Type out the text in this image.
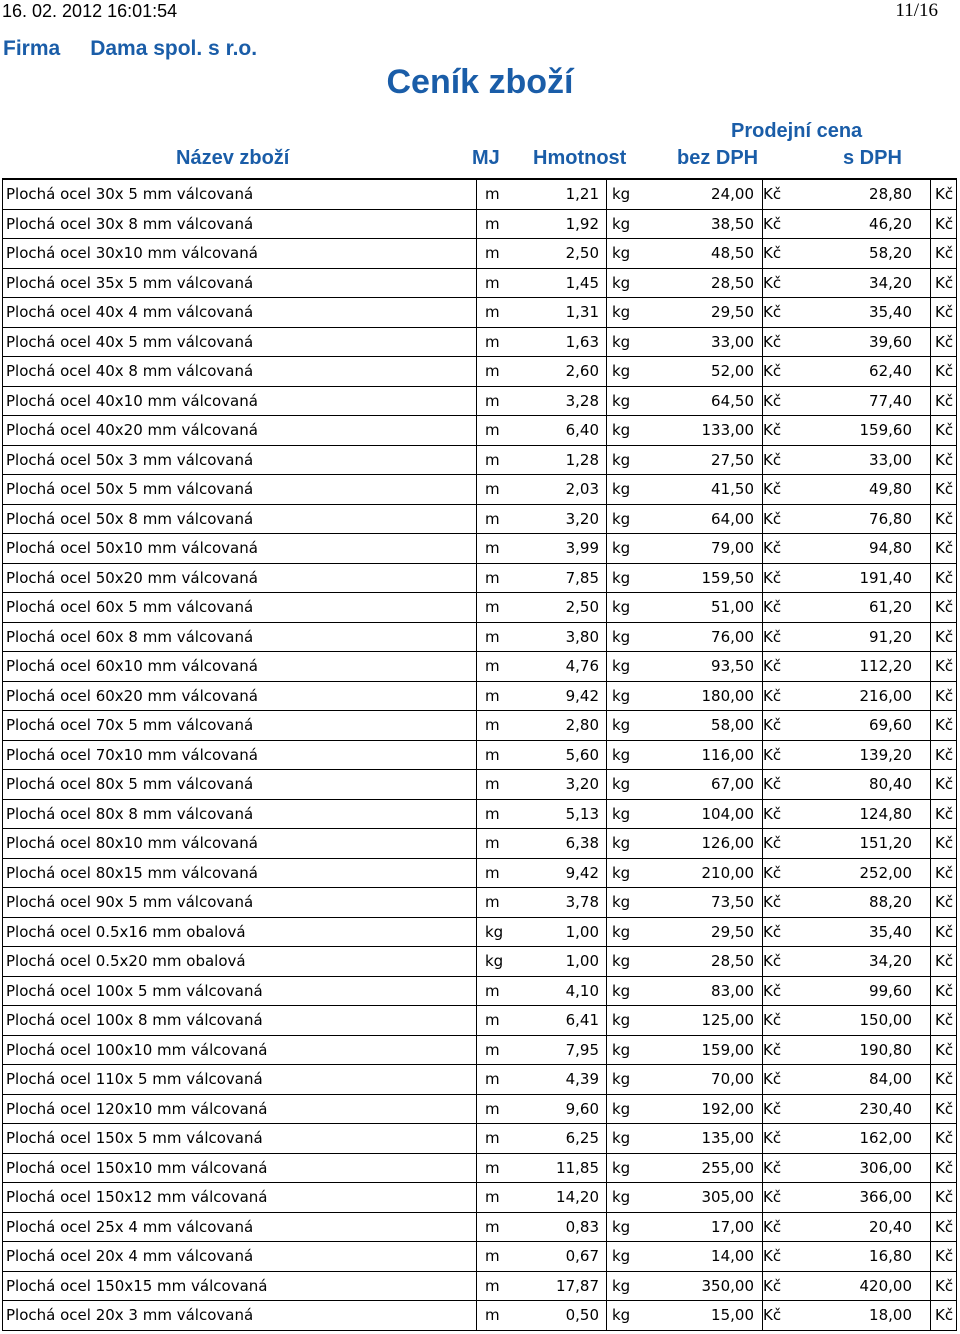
16. 02. 2012 16:01:54	11/16
Firma Dama spol. s r.o.
Ceník zboží
Název zboží	MJ Hmotnost
Prodejní cena
bez DPH	s DPH
Plochá ocel 30x 5 mm válcovaná	m	1,21 kg	24,00 Kč	28,80 Kč
Plochá ocel 30x 8 mm válcovaná	m	1,92 kg	38,50 Kč	46,20 Kč
Plochá ocel 30x10 mm válcovaná	m	2,50 kg	48,50 Kč	58,20 Kč
Plochá ocel 35x 5 mm válcovaná	m	1,45 kg	28,50 Kč	34,20 Kč
Plochá ocel 40x 4 mm válcovaná	m	1,31 kg	29,50 Kč	35,40 Kč
Plochá ocel 40x 5 mm válcovaná	m	1,63 kg	33,00 Kč	39,60 Kč
Plochá ocel 40x 8 mm válcovaná	m	2,60 kg	52,00 Kč	62,40 Kč
Plochá ocel 40x10 mm válcovaná	m	3,28 kg	64,50 Kč	77,40 Kč
Plochá ocel 40x20 mm válcovaná	m	6,40 kg	133,00 Kč	159,60 Kč
Plochá ocel 50x 3 mm válcovaná	m	1,28 kg	27,50 Kč	33,00 Kč
Plochá ocel 50x 5 mm válcovaná	m	2,03 kg	41,50 Kč	49,80 Kč
Plochá ocel 50x 8 mm válcovaná	m	3,20 kg	64,00 Kč	76,80 Kč
Plochá ocel 50x10 mm válcovaná	m	3,99 kg	79,00 Kč	94,80 Kč
Plochá ocel 50x20 mm válcovaná	m	7,85 kg	159,50 Kč	191,40 Kč
Plochá ocel 60x 5 mm válcovaná	m	2,50 kg	51,00 Kč	61,20 Kč
Plochá ocel 60x 8 mm válcovaná	m	3,80 kg	76,00 Kč	91,20 Kč
Plochá ocel 60x10 mm válcovaná	m	4,76 kg	93,50 Kč	112,20 Kč
Plochá ocel 60x20 mm válcovaná	m	9,42 kg	180,00 Kč	216,00 Kč
Plochá ocel 70x 5 mm válcovaná	m	2,80 kg	58,00 Kč	69,60 Kč
Plochá ocel 70x10 mm válcovaná	m	5,60 kg	116,00 Kč	139,20 Kč
Plochá ocel 80x 5 mm válcovaná	m	3,20 kg	67,00 Kč	80,40 Kč
Plochá ocel 80x 8 mm válcovaná	m	5,13 kg	104,00 Kč	124,80 Kč
Plochá ocel 80x10 mm válcovaná	m	6,38 kg	126,00 Kč	151,20 Kč
Plochá ocel 80x15 mm válcovaná	m	9,42 kg	210,00 Kč	252,00 Kč
Plochá ocel 90x 5 mm válcovaná	m	3,78 kg	73,50 Kč	88,20 Kč
Plochá ocel 0.5x16 mm obalová	kg	1,00 kg	29,50 Kč	35,40 Kč
Plochá ocel 0.5x20 mm obalová	kg	1,00 kg	28,50 Kč	34,20 Kč
Plochá ocel 100x 5 mm válcovaná	m	4,10 kg	83,00 Kč	99,60 Kč
Plochá ocel 100x 8 mm válcovaná	m	6,41 kg	125,00 Kč	150,00 Kč
Plochá ocel 100x10 mm válcovaná	m	7,95 kg	159,00 Kč	190,80 Kč
Plochá ocel 110x 5 mm válcovaná	m	4,39 kg	70,00 Kč	84,00 Kč
Plochá ocel 120x10 mm válcovaná	m	9,60 kg	192,00 Kč	230,40 Kč
Plochá ocel 150x 5 mm válcovaná	m	6,25 kg	135,00 Kč	162,00 Kč
Plochá ocel 150x10 mm válcovaná	m	11,85 kg	255,00 Kč	306,00 Kč
Plochá ocel 150x12 mm válcovaná	m	14,20 kg	305,00 Kč	366,00 Kč
Plochá ocel 25x 4 mm válcovaná	m	0,83 kg	17,00 Kč	20,40 Kč
Plochá ocel 20x 4 mm válcovaná	m	0,67 kg	14,00 Kč	16,80 Kč
Plochá ocel 150x15 mm válcovaná	m	17,87 kg	350,00 Kč	420,00 Kč
Plochá ocel 20x 3 mm válcovaná	m	0,50 kg	15,00 Kč	18,00 Kč
